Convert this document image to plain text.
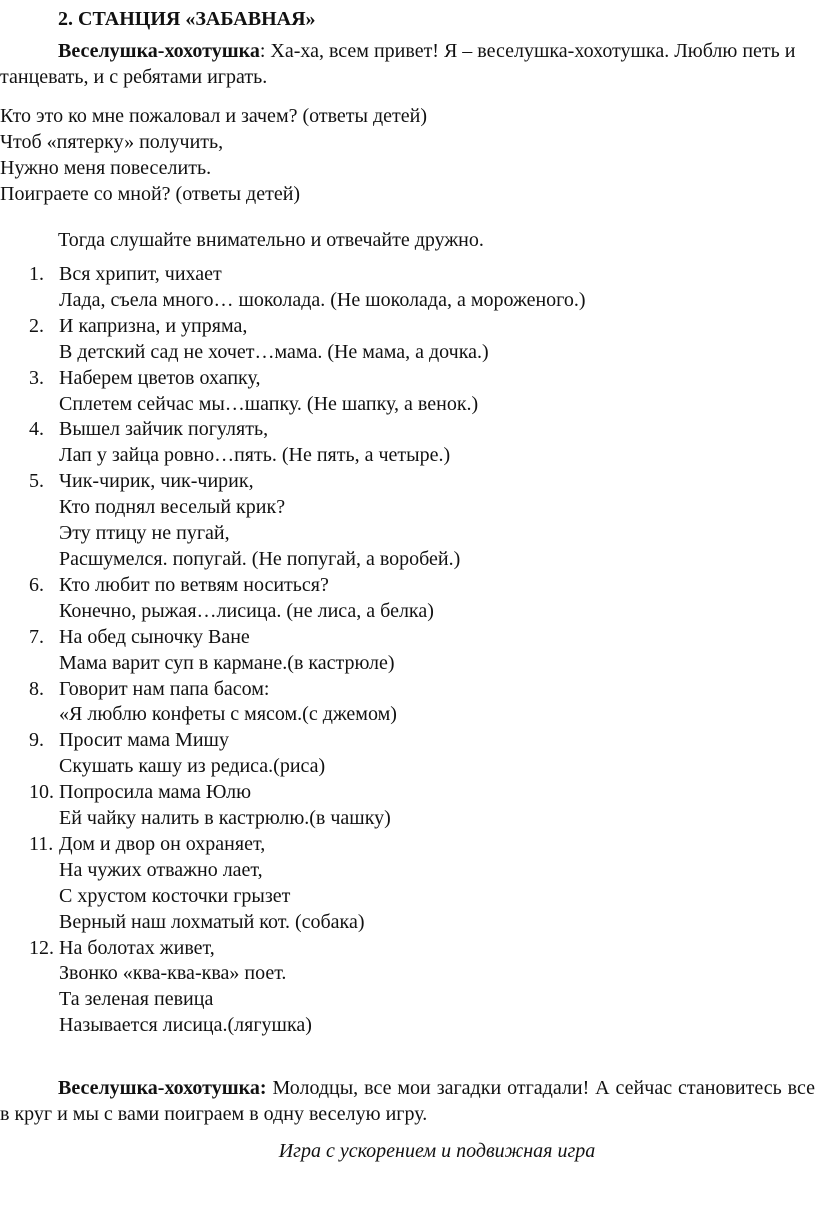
2. СТАНЦИЯ «ЗАБАВНАЯ»

Веселушка-хохотушка: Ха-ха, всем привет! Я – веселушка-хохотушка. Люблю петь и танцевать, и с ребятами играть.

Кто это ко мне пожаловал и зачем? (ответы детей)
Чтоб «пятерку» получить,
Нужно меня повеселить.
Поиграете со мной? (ответы детей)
Тогда слушайте внимательно и отвечайте дружно.
1. Вся хрипит, чихает
Лада, съела много… шоколада. (Не шоколада, а мороженого.)
2. И капризна, и упряма,
В детский сад не хочет…мама. (Не мама, а дочка.)
3. Наберем цветов охапку,
Сплетем сейчас мы…шапку. (Не шапку, а венок.)
4. Вышел зайчик погулять,
Лап у зайца ровно…пять. (Не пять, а четыре.)
5. Чик-чирик, чик-чирик,
Кто поднял веселый крик?
Эту птицу не пугай,
Расшумелся. попугай. (Не попугай, а воробей.)
6. Кто любит по ветвям носиться?
Конечно, рыжая…лисица. (не лиса, а белка)
7. На обед сыночку Ване
Мама варит суп в кармане.(в кастрюле)
8. Говорит нам папа басом:
«Я люблю конфеты с мясом.(с джемом)
9. Просит мама Мишу
Скушать кашу из редиса.(риса)
10. Попросила мама Юлю
Ей чайку налить в кастрюлю.(в чашку)
11. Дом и двор он охраняет,
На чужих отважно лает,
С хрустом косточки грызет
Верный наш лохматый кот. (собака)
12. На болотах живет,
Звонко «ква-ква-ква» поет.
Та зеленая певица
Называется лисица.(лягушка)

Веселушка-хохотушка: Молодцы, все мои загадки отгадали! А сейчас становитесь все в круг и мы с вами поиграем в одну веселую игру.

Игра с ускорением и подвижная игра
